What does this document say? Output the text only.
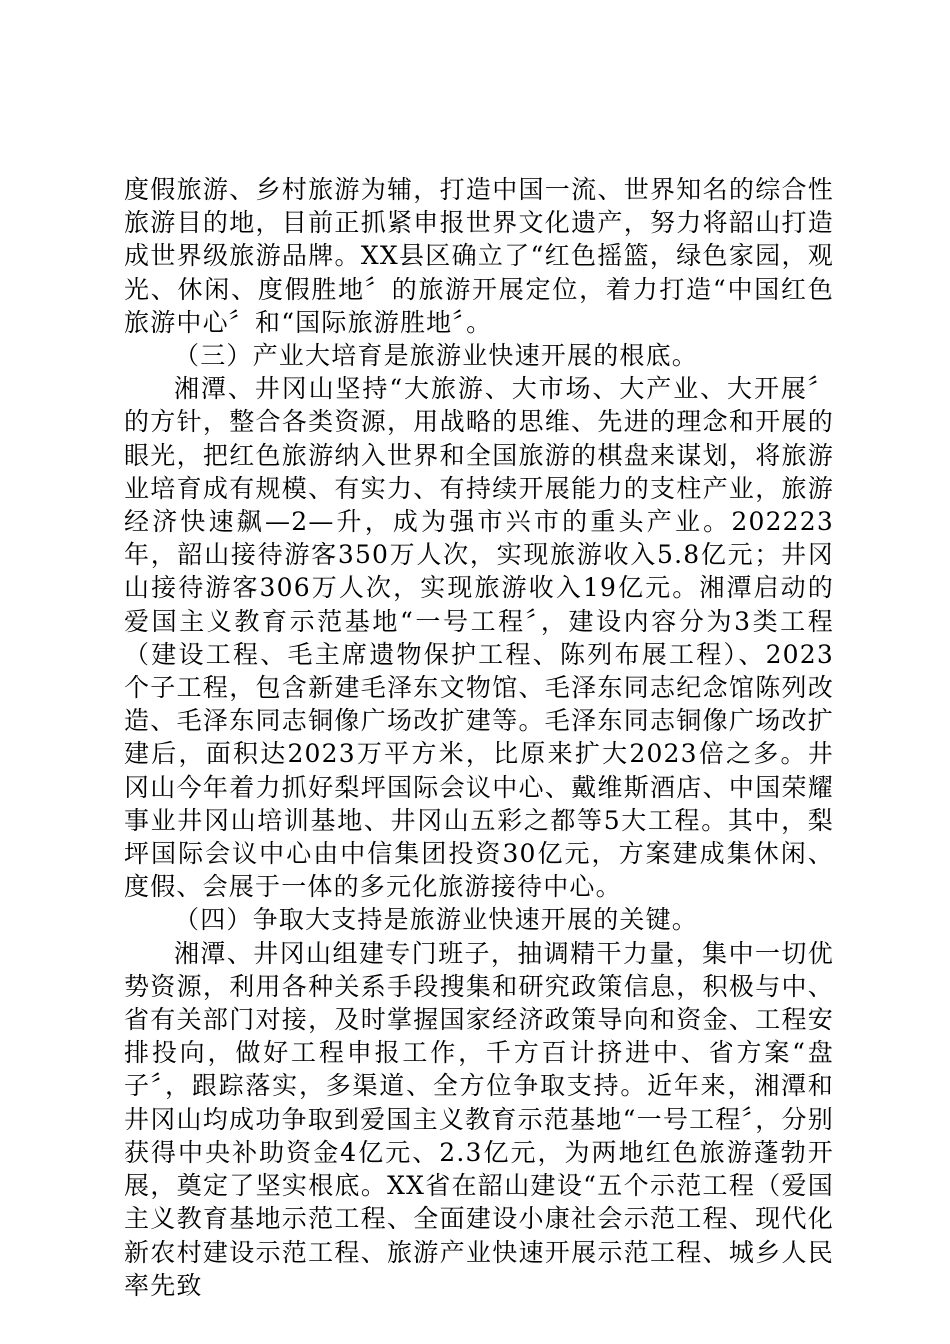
度假旅游、乡村旅游为辅，打造中国一流、世界知名的综合性旅游目的地，目前正抓紧申报世界文化遗产，努力将韶山打造成世界级旅游品牌。XX县区确立了“红色摇篮，绿色家园，观光、休闲、度假胜地〞的旅游开展定位，着力打造“中国红色旅游中心〞和“国际旅游胜地〞。

（三）产业大培育是旅游业快速开展的根底。

湘潭、井冈山坚持“大旅游、大市场、大产业、大开展〞的方针，整合各类资源，用战略的思维、先进的理念和开展的眼光，把红色旅游纳入世界和全国旅游的棋盘来谋划，将旅游业培育成有规模、有实力、有持续开展能力的支柱产业，旅游经济快速飙—2—升，成为强市兴市的重头产业。202223年，韶山接待游客350万人次，实现旅游收入5.8亿元；井冈山接待游客306万人次，实现旅游收入19亿元。湘潭启动的爱国主义教育示范基地“一号工程〞，建设内容分为3类工程（建设工程、毛主席遗物保护工程、陈列布展工程）、2023个子工程，包含新建毛泽东文物馆、毛泽东同志纪念馆陈列改造、毛泽东同志铜像广场改扩建等。毛泽东同志铜像广场改扩建后，面积达2023万平方米，比原来扩大2023倍之多。井冈山今年着力抓好梨坪国际会议中心、戴维斯酒店、中国荣耀事业井冈山培训基地、井冈山五彩之都等5大工程。其中，梨坪国际会议中心由中信集团投资30亿元，方案建成集休闲、度假、会展于一体的多元化旅游接待中心。

（四）争取大支持是旅游业快速开展的关键。

湘潭、井冈山组建专门班子，抽调精干力量，集中一切优势资源，利用各种关系手段搜集和研究政策信息，积极与中、省有关部门对接，及时掌握国家经济政策导向和资金、工程安排投向，做好工程申报工作，千方百计挤进中、省方案“盘子〞，跟踪落实，多渠道、全方位争取支持。近年来，湘潭和井冈山均成功争取到爱国主义教育示范基地“一号工程〞，分别获得中央补助资金4亿元、2.3亿元，为两地红色旅游蓬勃开展，奠定了坚实根底。XX省在韶山建设“五个示范工程（爱国主义教育基地示范工程、全面建设小康社会示范工程、现代化新农村建设示范工程、旅游产业快速开展示范工程、城乡人民率先致
